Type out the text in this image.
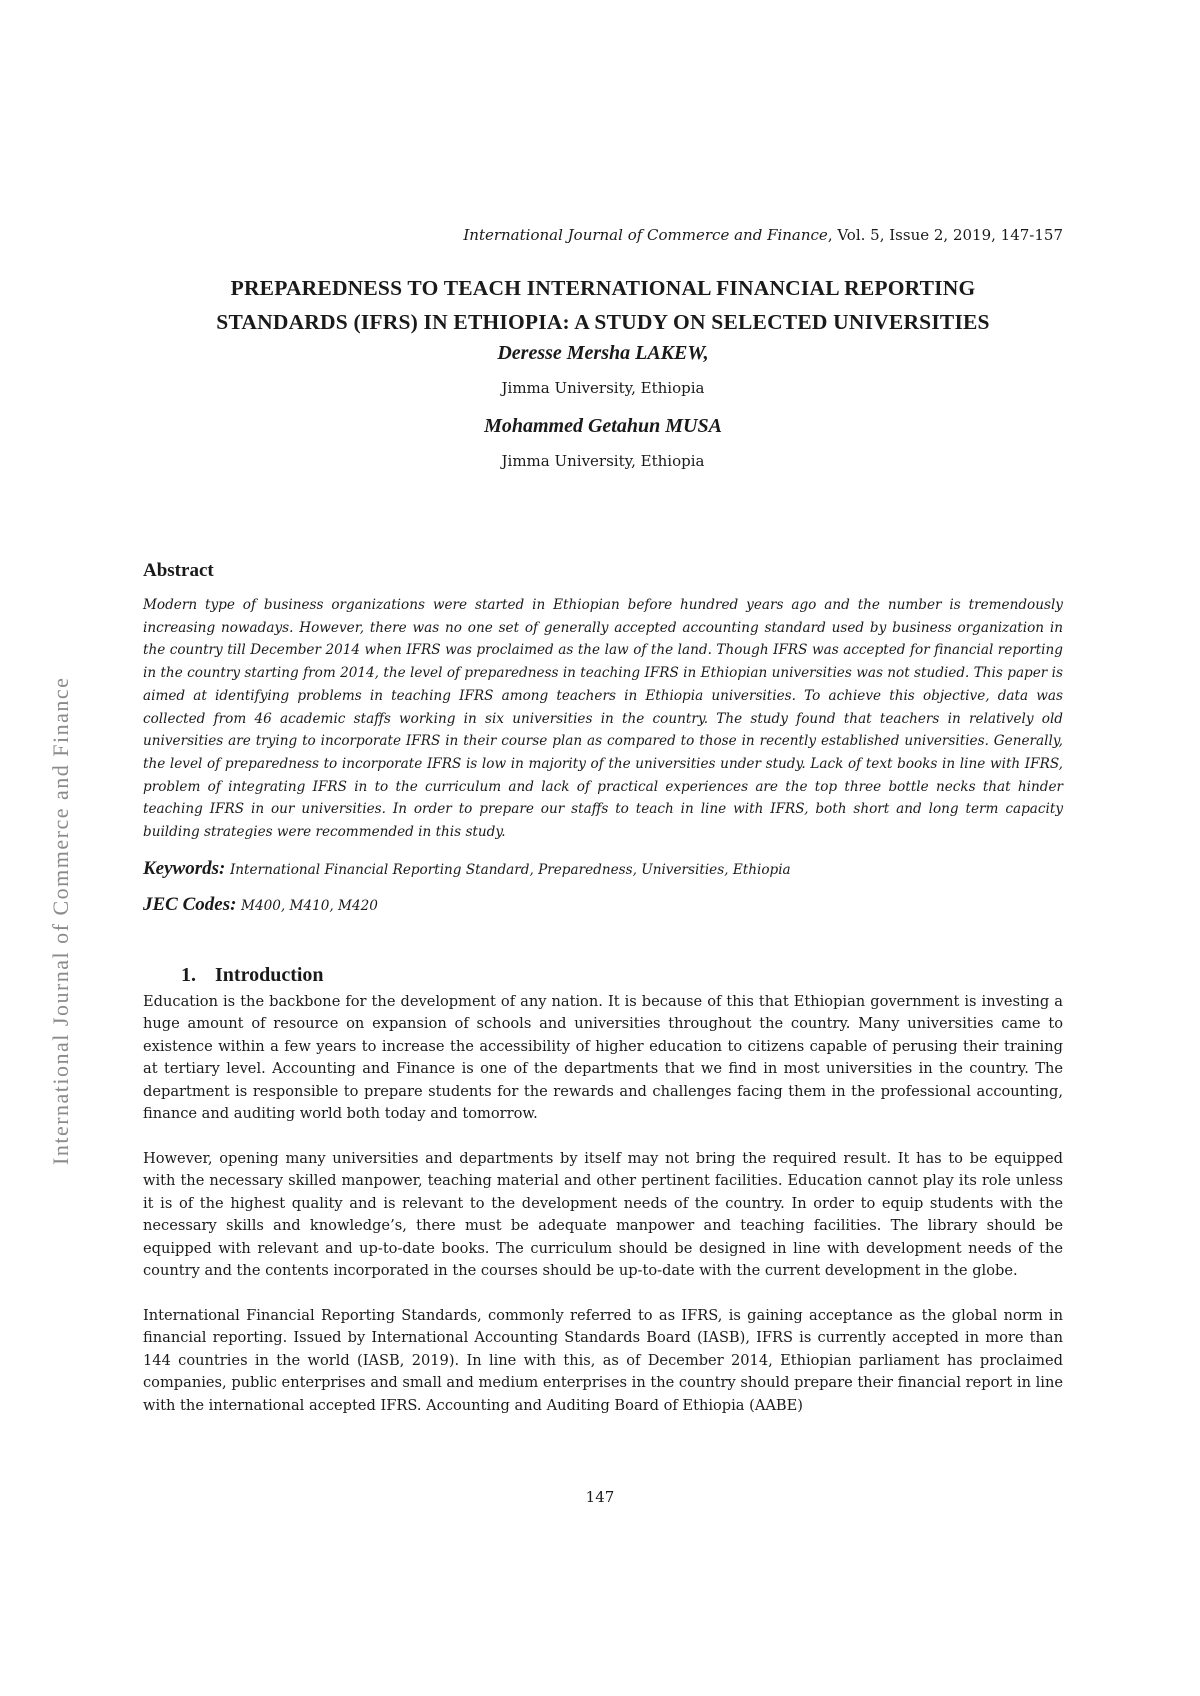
International Journal of Commerce and Finance
International Journal of Commerce and Finance, Vol. 5, Issue 2, 2019, 147-157
PREPAREDNESS TO TEACH INTERNATIONAL FINANCIAL REPORTING
STANDARDS (IFRS) IN ETHIOPIA: A STUDY ON SELECTED UNIVERSITIES
Deresse Mersha LAKEW,
Jimma University, Ethiopia
Mohammed Getahun MUSA
Jimma University, Ethiopia
Abstract

Modern type of business organizations were started in Ethiopian before hundred years ago and the number is tremendously increasing nowadays. However, there was no one set of generally accepted accounting standard used by business organization in the country till December 2014 when IFRS was proclaimed as the law of the land. Though IFRS was accepted for financial reporting in the country starting from 2014, the level of preparedness in teaching IFRS in Ethiopian universities was not studied. This paper is aimed at identifying problems in teaching IFRS among teachers in Ethiopia universities. To achieve this objective, data was collected from 46 academic staffs working in six universities in the country. The study found that teachers in relatively old universities are trying to incorporate IFRS in their course plan as compared to those in recently established universities. Generally, the level of preparedness to incorporate IFRS is low in majority of the universities under study. Lack of text books in line with IFRS, problem of integrating IFRS in to the curriculum and lack of practical experiences are the top three bottle necks that hinder teaching IFRS in our universities. In order to prepare our staffs to teach in line with IFRS, both short and long term capacity building strategies were recommended in this study.

Keywords: International Financial Reporting Standard, Preparedness, Universities, Ethiopia
JEC Codes: M400, M410, M420
1. Introduction

Education is the backbone for the development of any nation. It is because of this that Ethiopian government is investing a huge amount of resource on expansion of schools and universities throughout the country. Many universities came to existence within a few years to increase the accessibility of higher education to citizens capable of perusing their training at tertiary level. Accounting and Finance is one of the departments that we find in most universities in the country. The department is responsible to prepare students for the rewards and challenges facing them in the professional accounting, finance and auditing world both today and tomorrow.

However, opening many universities and departments by itself may not bring the required result. It has to be equipped with the necessary skilled manpower, teaching material and other pertinent facilities. Education cannot play its role unless it is of the highest quality and is relevant to the development needs of the country. In order to equip students with the necessary skills and knowledge’s, there must be adequate manpower and teaching facilities. The library should be equipped with relevant and up-to-date books. The curriculum should be designed in line with development needs of the country and the contents incorporated in the courses should be up-to-date with the current development in the globe.

International Financial Reporting Standards, commonly referred to as IFRS, is gaining acceptance as the global norm in financial reporting. Issued by International Accounting Standards Board (IASB), IFRS is currently accepted in more than 144 countries in the world (IASB, 2019). In line with this, as of December 2014, Ethiopian parliament has proclaimed companies, public enterprises and small and medium enterprises in the country should prepare their financial report in line with the international accepted IFRS. Accounting and Auditing Board of Ethiopia (AABE)

147
